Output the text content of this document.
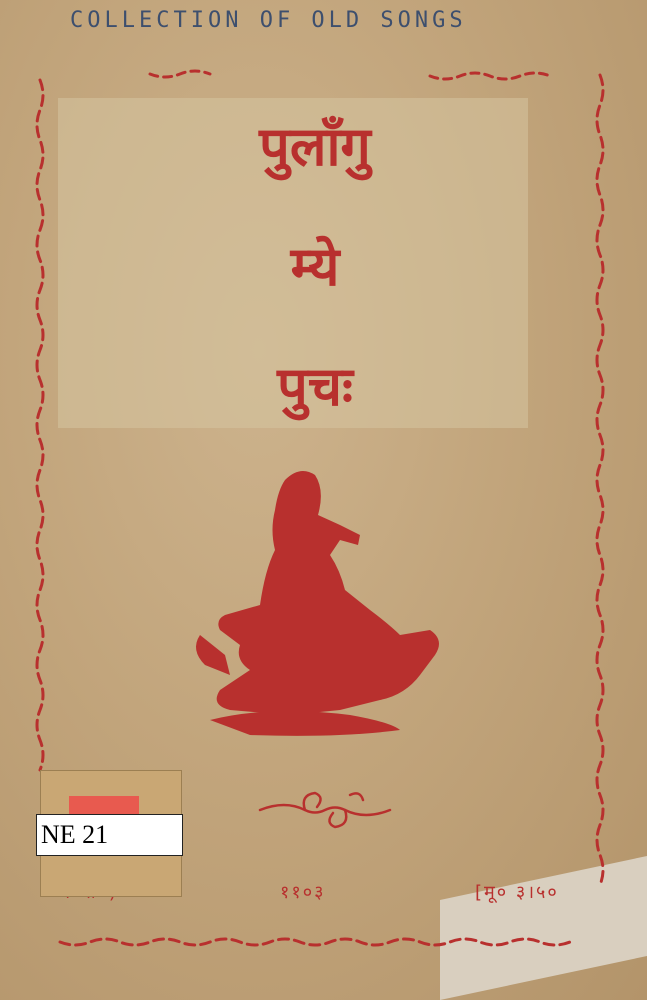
COLLECTION OF OLD SONGS
पुलाँगु
म्ये
पुचः
११०३	[मू० ३।५०
NE 21
